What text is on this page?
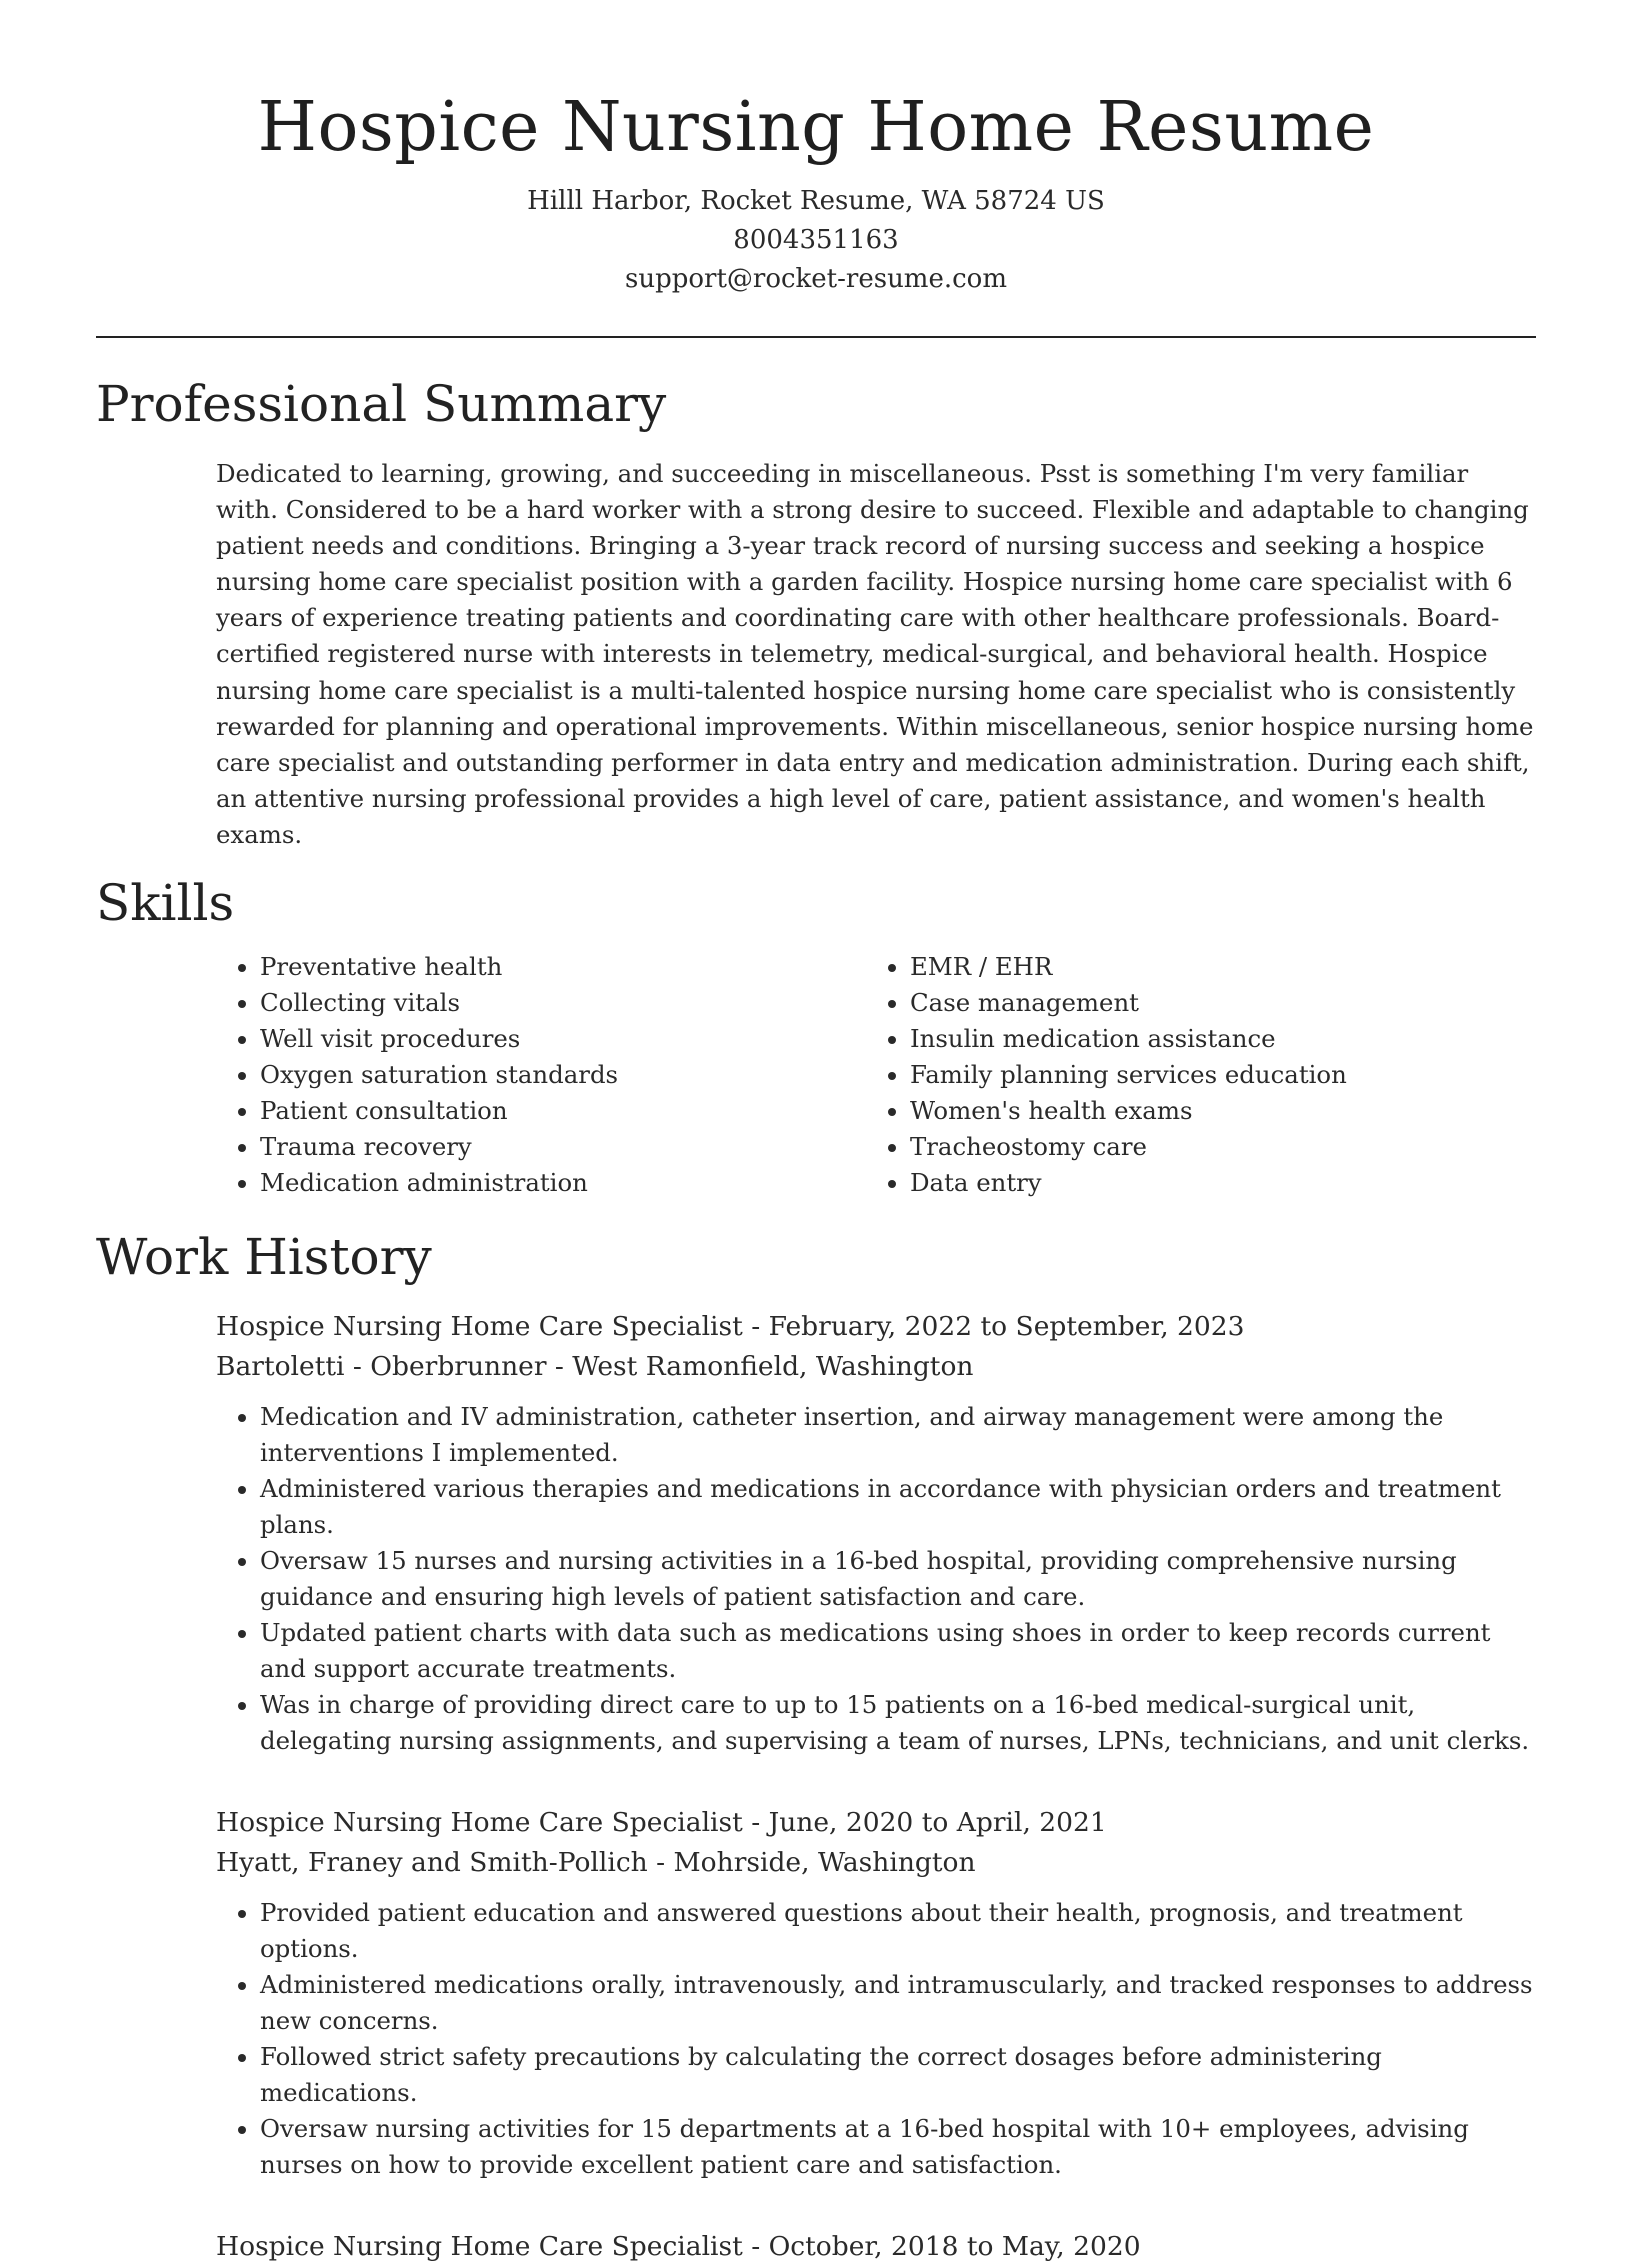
Hospice Nursing Home Resume
Hilll Harbor, Rocket Resume, WA 58724 US
8004351163
support@rocket-resume.com
Professional Summary
Dedicated to learning, growing, and succeeding in miscellaneous. Psst is something I'm very familiar with. Considered to be a hard worker with a strong desire to succeed. Flexible and adaptable to changing patient needs and conditions. Bringing a 3-year track record of nursing success and seeking a hospice nursing home care specialist position with a garden facility. Hospice nursing home care specialist with 6 years of experience treating patients and coordinating care with other healthcare professionals. Board-certified registered nurse with interests in telemetry, medical-surgical, and behavioral health. Hospice nursing home care specialist is a multi-talented hospice nursing home care specialist who is consistently rewarded for planning and operational improvements. Within miscellaneous, senior hospice nursing home care specialist and outstanding performer in data entry and medication administration. During each shift, an attentive nursing professional provides a high level of care, patient assistance, and women's health exams.
Skills
• Preventative health
• Collecting vitals
• Well visit procedures
• Oxygen saturation standards
• Patient consultation
• Trauma recovery
• Medication administration
• EMR / EHR
• Case management
• Insulin medication assistance
• Family planning services education
• Women's health exams
• Tracheostomy care
• Data entry
Work History
Hospice Nursing Home Care Specialist - February, 2022 to September, 2023
Bartoletti - Oberbrunner - West Ramonfield, Washington
• Medication and IV administration, catheter insertion, and airway management were among the interventions I implemented.
• Administered various therapies and medications in accordance with physician orders and treatment plans.
• Oversaw 15 nurses and nursing activities in a 16-bed hospital, providing comprehensive nursing guidance and ensuring high levels of patient satisfaction and care.
• Updated patient charts with data such as medications using shoes in order to keep records current and support accurate treatments.
• Was in charge of providing direct care to up to 15 patients on a 16-bed medical-surgical unit, delegating nursing assignments, and supervising a team of nurses, LPNs, technicians, and unit clerks.
Hospice Nursing Home Care Specialist - June, 2020 to April, 2021
Hyatt, Franey and Smith-Pollich - Mohrside, Washington
• Provided patient education and answered questions about their health, prognosis, and treatment options.
• Administered medications orally, intravenously, and intramuscularly, and tracked responses to address new concerns.
• Followed strict safety precautions by calculating the correct dosages before administering medications.
• Oversaw nursing activities for 15 departments at a 16-bed hospital with 10+ employees, advising nurses on how to provide excellent patient care and satisfaction.
Hospice Nursing Home Care Specialist - October, 2018 to May, 2020
